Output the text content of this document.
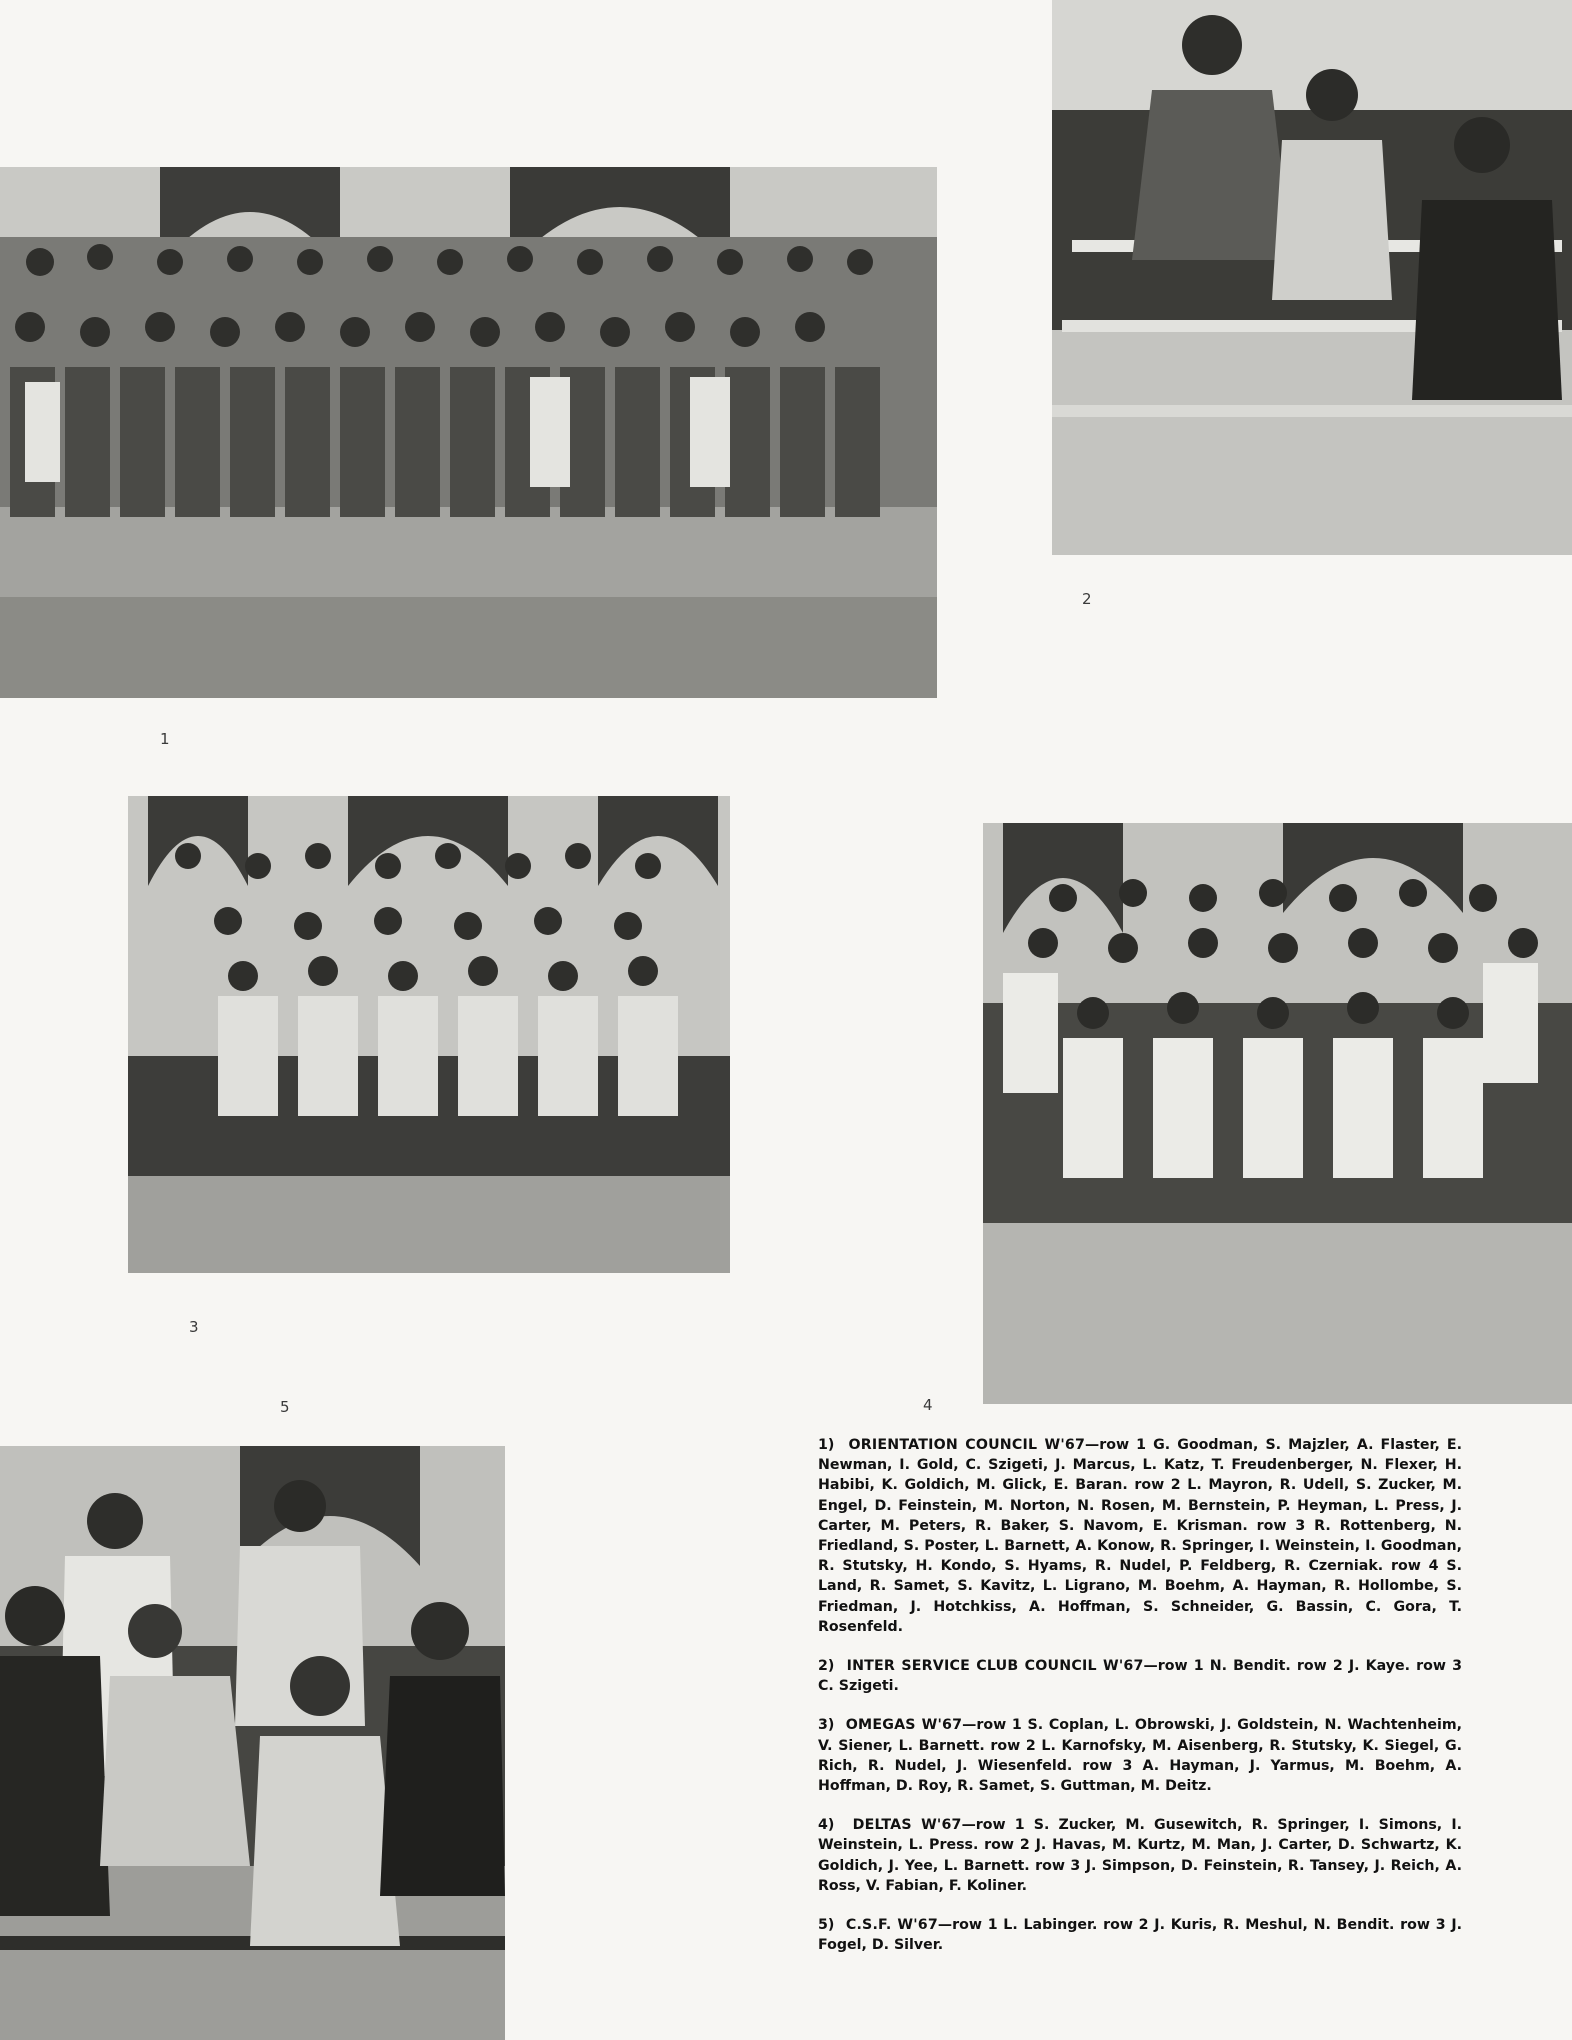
1
2
3
5	4

1) ORIENTATION COUNCIL W'67—row 1 G. Goodman, S. Majzler, A. Flaster, E. Newman, I. Gold, C. Szigeti, J. Marcus, L. Katz, T. Freudenberger, N. Flexer, H. Habibi, K. Goldich, M. Glick, E. Baran. row 2 L. Mayron, R. Udell, S. Zucker, M. Engel, D. Feinstein, M. Norton, N. Rosen, M. Bernstein, P. Heyman, L. Press, J. Carter, M. Peters, R. Baker, S. Navom, E. Krisman. row 3 R. Rottenberg, N. Friedland, S. Poster, L. Barnett, A. Konow, R. Springer, I. Weinstein, I. Goodman, R. Stutsky, H. Kondo, S. Hyams, R. Nudel, P. Feldberg, R. Czerniak. row 4 S. Land, R. Samet, S. Kavitz, L. Ligrano, M. Boehm, A. Hayman, R. Hollombe, S. Friedman, J. Hotchkiss, A. Hoffman, S. Schneider, G. Bassin, C. Gora, T. Rosenfeld.

2) INTER SERVICE CLUB COUNCIL W'67—row 1 N. Bendit. row 2 J. Kaye. row 3 C. Szigeti.

3) OMEGAS W'67—row 1 S. Coplan, L. Obrowski, J. Goldstein, N. Wachtenheim, V. Siener, L. Barnett. row 2 L. Karnofsky, M. Aisenberg, R. Stutsky, K. Siegel, G. Rich, R. Nudel, J. Wiesenfeld. row 3 A. Hayman, J. Yarmus, M. Boehm, A. Hoffman, D. Roy, R. Samet, S. Guttman, M. Deitz.

4) DELTAS W'67—row 1 S. Zucker, M. Gusewitch, R. Springer, I. Simons, I. Weinstein, L. Press. row 2 J. Havas, M. Kurtz, M. Man, J. Carter, D. Schwartz, K. Goldich, J. Yee, L. Barnett. row 3 J. Simpson, D. Feinstein, R. Tansey, J. Reich, A. Ross, V. Fabian, F. Koliner.

5) C.S.F. W'67—row 1 L. Labinger. row 2 J. Kuris, R. Meshul, N. Bendit. row 3 J. Fogel, D. Silver.
